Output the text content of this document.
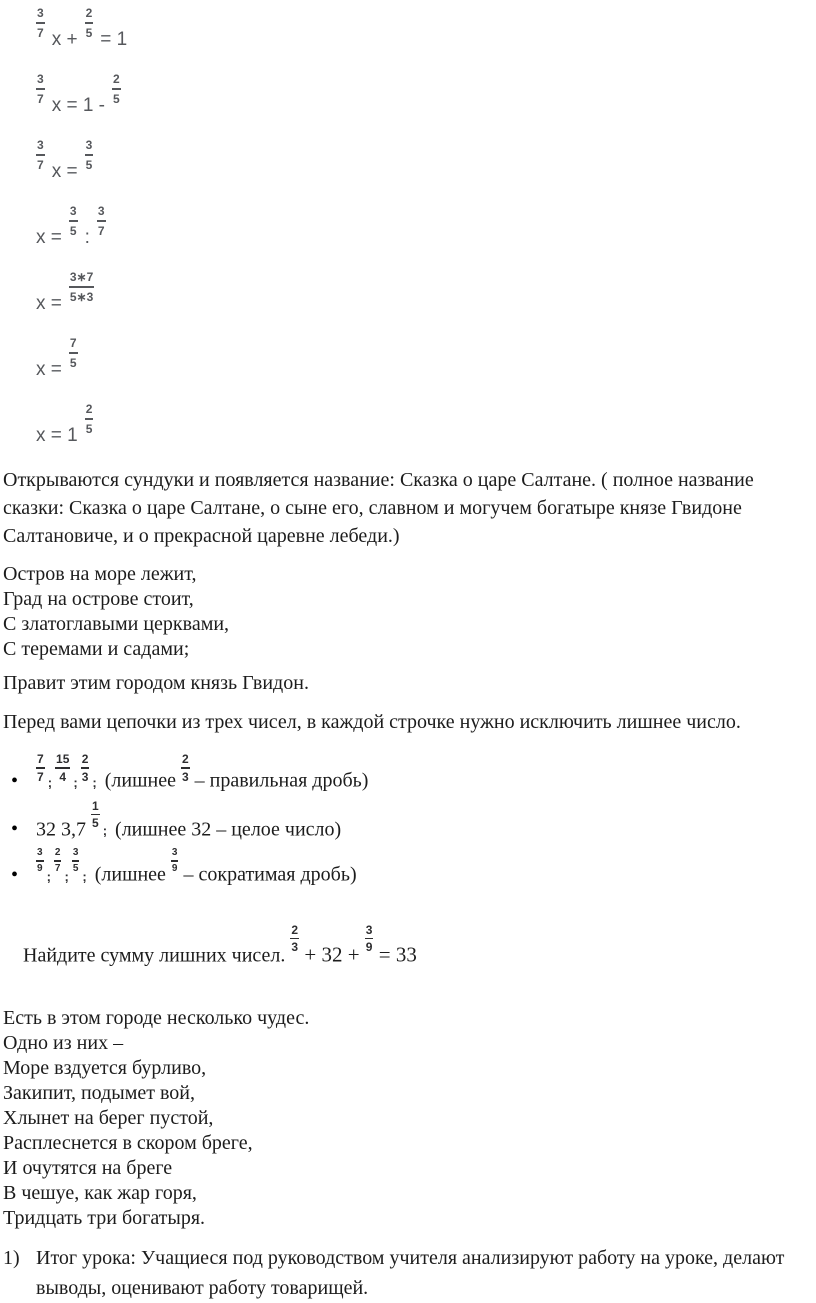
3
7 x +
2
5 = 1
3
7 x = 1 -
2
5
3
7 x =
3
5
x =
3
5 :
3
7
x =
3∗7
5∗3
x =
7
5
x = 1
2
5

Открываются сундуки и появляется название: Сказка о царе Салтане. ( полное название сказки: Сказка о царе Салтане, о сыне его, славном и могучем богатыре князе Гвидоне Салтановиче, и о прекрасной царевне лебеди.)

Остров на море лежит,
Град на острове стоит,
С златоглавыми церквами,
С теремами и садами;

Правит этим городом князь Гвидон.

Перед вами цепочки из трех чисел, в каждой строчке нужно исключить лишнее число.

• $\frac{7}{7}$ ; $\frac{15}{4}$ ; $\frac{2}{3}$ ; (лишнее $\frac{2}{3}$ – правильная дробь)
• 32 $3,7 \frac{1}{5}$
; (лишнее 32 – целое число)
•
$\frac{3}{9}$
;
$\frac{2}{7}$
;
$\frac{3}{5}$
; (лишнее
$\frac{3}{9}$
– сократимая дробь)

Найдите сумму лишних чисел.
$\frac{2}{3}$
+ 32 +
$\frac{3}{9}$
= 33

Есть в этом городе несколько чудес.
Одно из них –
Море вздуется бурливо,
Закипит, подымет вой,
Хлынет на берег пустой,
Расплеснется в скором бреге,
И очутятся на бреге
В чешуе, как жар горя,
Тридцать три богатыря.
1) Итог урока: Учащиеся под руководством учителя анализируют работу на уроке, делают выводы, оценивают работу товарищей.
